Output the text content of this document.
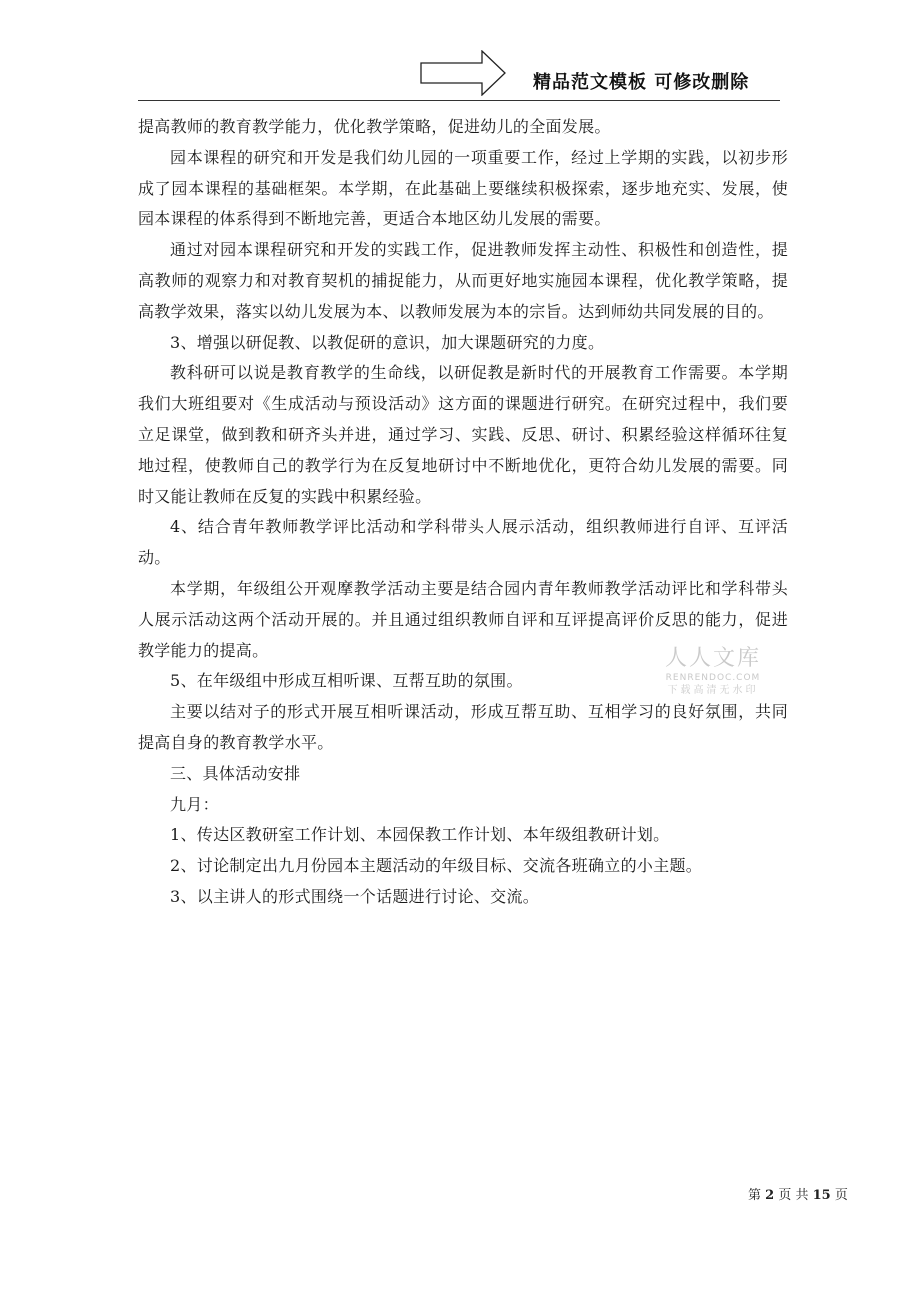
精品范文模板 可修改删除

提高教师的教育教学能力，优化教学策略，促进幼儿的全面发展。

园本课程的研究和开发是我们幼儿园的一项重要工作，经过上学期的实践，以初步形成了园本课程的基础框架。本学期，在此基础上要继续积极探索，逐步地充实、发展，使园本课程的体系得到不断地完善，更适合本地区幼儿发展的需要。

通过对园本课程研究和开发的实践工作，促进教师发挥主动性、积极性和创造性，提高教师的观察力和对教育契机的捕捉能力，从而更好地实施园本课程，优化教学策略，提高教学效果，落实以幼儿发展为本、以教师发展为本的宗旨。达到师幼共同发展的目的。

3、增强以研促教、以教促研的意识，加大课题研究的力度。

教科研可以说是教育教学的生命线，以研促教是新时代的开展教育工作需要。本学期我们大班组要对《生成活动与预设活动》这方面的课题进行研究。在研究过程中，我们要立足课堂，做到教和研齐头并进，通过学习、实践、反思、研讨、积累经验这样循环往复地过程，使教师自己的教学行为在反复地研讨中不断地优化，更符合幼儿发展的需要。同时又能让教师在反复的实践中积累经验。

4、结合青年教师教学评比活动和学科带头人展示活动，组织教师进行自评、互评活动。

本学期，年级组公开观摩教学活动主要是结合园内青年教师教学活动评比和学科带头人展示活动这两个活动开展的。并且通过组织教师自评和互评提高评价反思的能力，促进教学能力的提高。

5、在年级组中形成互相听课、互帮互助的氛围。

主要以结对子的形式开展互相听课活动，形成互帮互助、互相学习的良好氛围，共同提高自身的教育教学水平。

三、具体活动安排

九月：

1、传达区教研室工作计划、本园保教工作计划、本年级组教研计划。

2、讨论制定出九月份园本主题活动的年级目标、交流各班确立的小主题。

3、以主讲人的形式围绕一个话题进行讨论、交流。

人人文库
RENRENDOC.COM
下载高清无水印
第 2 页 共 15 页
